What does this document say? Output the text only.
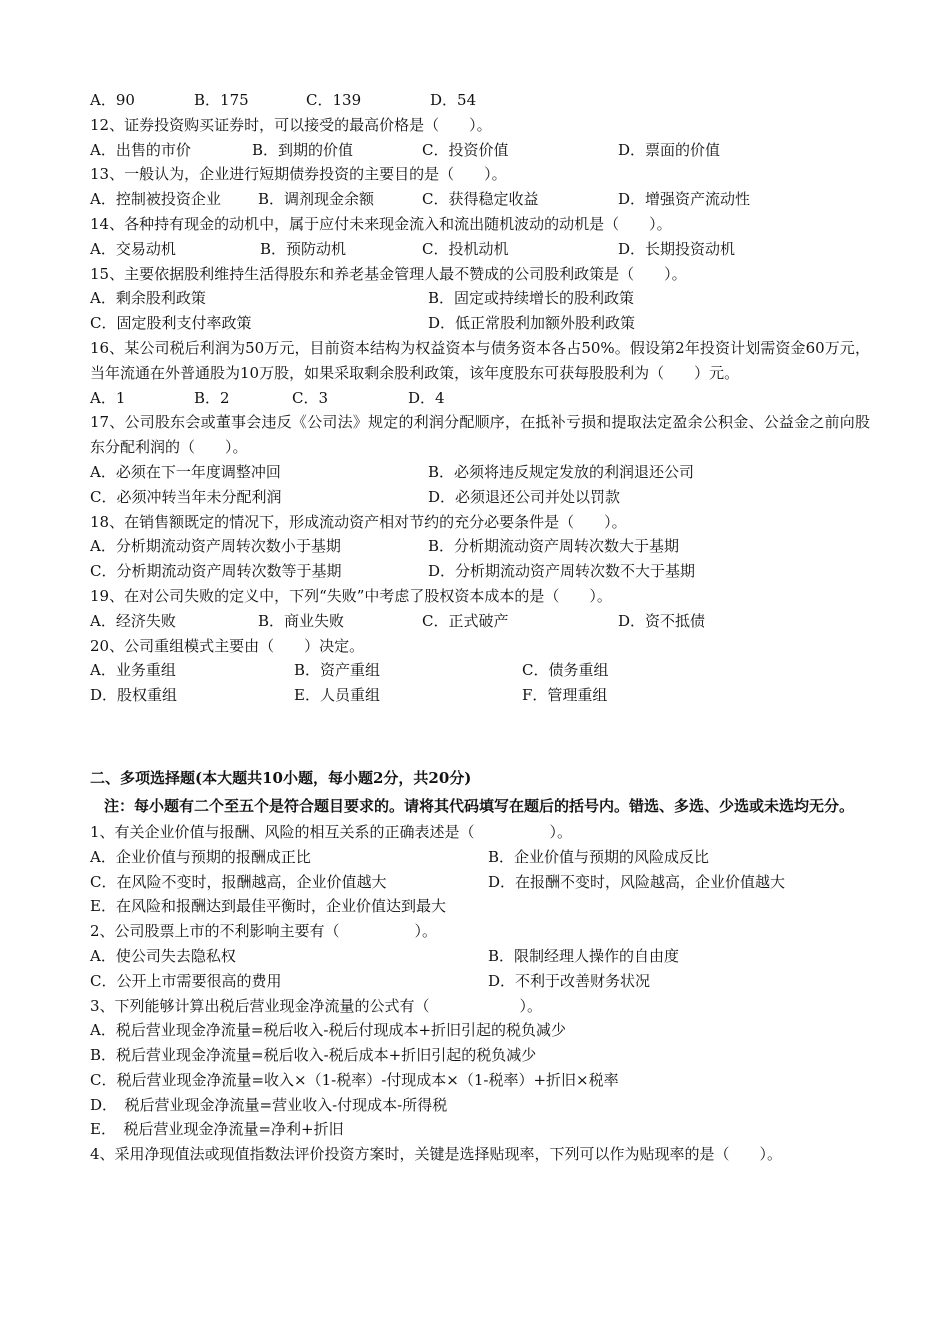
A．90	B．175	C．139	D．54
12、证券投资购买证券时，可以接受的最高价格是（　　）。
A．出售的市价	B．到期的价值	C．投资价值	D．票面的价值
13、一般认为，企业进行短期债券投资的主要目的是（　　）。
A．控制被投资企业	B．调剂现金余额	C．获得稳定收益	D．增强资产流动性
14、各种持有现金的动机中，属于应付未来现金流入和流出随机波动的动机是（　　）。
A．交易动机	B．预防动机	C．投机动机	D．长期投资动机
15、主要依据股利维持生活得股东和养老基金管理人最不赞成的公司股利政策是（　　）。
A．剩余股利政策	B．固定或持续增长的股利政策
C．固定股利支付率政策	D．低正常股利加额外股利政策
16、某公司税后利润为50万元，目前资本结构为权益资本与债务资本各占50%。假设第2年投资计划需资金60万元，当年流通在外普通股为10万股，如果采取剩余股利政策，该年度股东可获每股股利为（　　）元。
A．1	B．2	C．3	D．4
17、公司股东会或董事会违反《公司法》规定的利润分配顺序，在抵补亏损和提取法定盈余公积金、公益金之前向股东分配利润的（　　）。
A．必须在下一年度调整冲回	B．必须将违反规定发放的利润退还公司
C．必须冲转当年未分配利润	D．必须退还公司并处以罚款
18、在销售额既定的情况下，形成流动资产相对节约的充分必要条件是（　　）。
A．分析期流动资产周转次数小于基期	B．分析期流动资产周转次数大于基期
C．分析期流动资产周转次数等于基期	D．分析期流动资产周转次数不大于基期
19、在对公司失败的定义中，下列“失败”中考虑了股权资本成本的是（　　）。
A．经济失败	B．商业失败	C．正式破产	D．资不抵债
20、公司重组模式主要由（　　）决定。
A．业务重组	B．资产重组	C．债务重组
D．股权重组	E．人员重组	F．管理重组
二、多项选择题(本大题共10小题，每小题2分，共20分)
注：每小题有二个至五个是符合题目要求的。请将其代码填写在题后的括号内。错选、多选、少选或未选均无分。
1、有关企业价值与报酬、风险的相互关系的正确表述是（　　　　　）。
A．企业价值与预期的报酬成正比	B．企业价值与预期的风险成反比
C．在风险不变时，报酬越高，企业价值越大	D．在报酬不变时，风险越高，企业价值越大
E．在风险和报酬达到最佳平衡时，企业价值达到最大
2、公司股票上市的不利影响主要有（　　　　　）。
A．使公司失去隐私权	B．限制经理人操作的自由度
C．公开上市需要很高的费用	D．不利于改善财务状况
3、下列能够计算出税后营业现金净流量的公式有（　　　　　　）。
A．税后营业现金净流量=税后收入-税后付现成本+折旧引起的税负减少
B．税后营业现金净流量=税后收入-税后成本+折旧引起的税负减少
C．税后营业现金净流量=收入×（1-税率）-付现成本×（1-税率）+折旧×税率
D．　税后营业现金净流量=营业收入-付现成本-所得税
E．　税后营业现金净流量=净利+折旧
4、采用净现值法或现值指数法评价投资方案时，关键是选择贴现率，下列可以作为贴现率的是（　　）。
